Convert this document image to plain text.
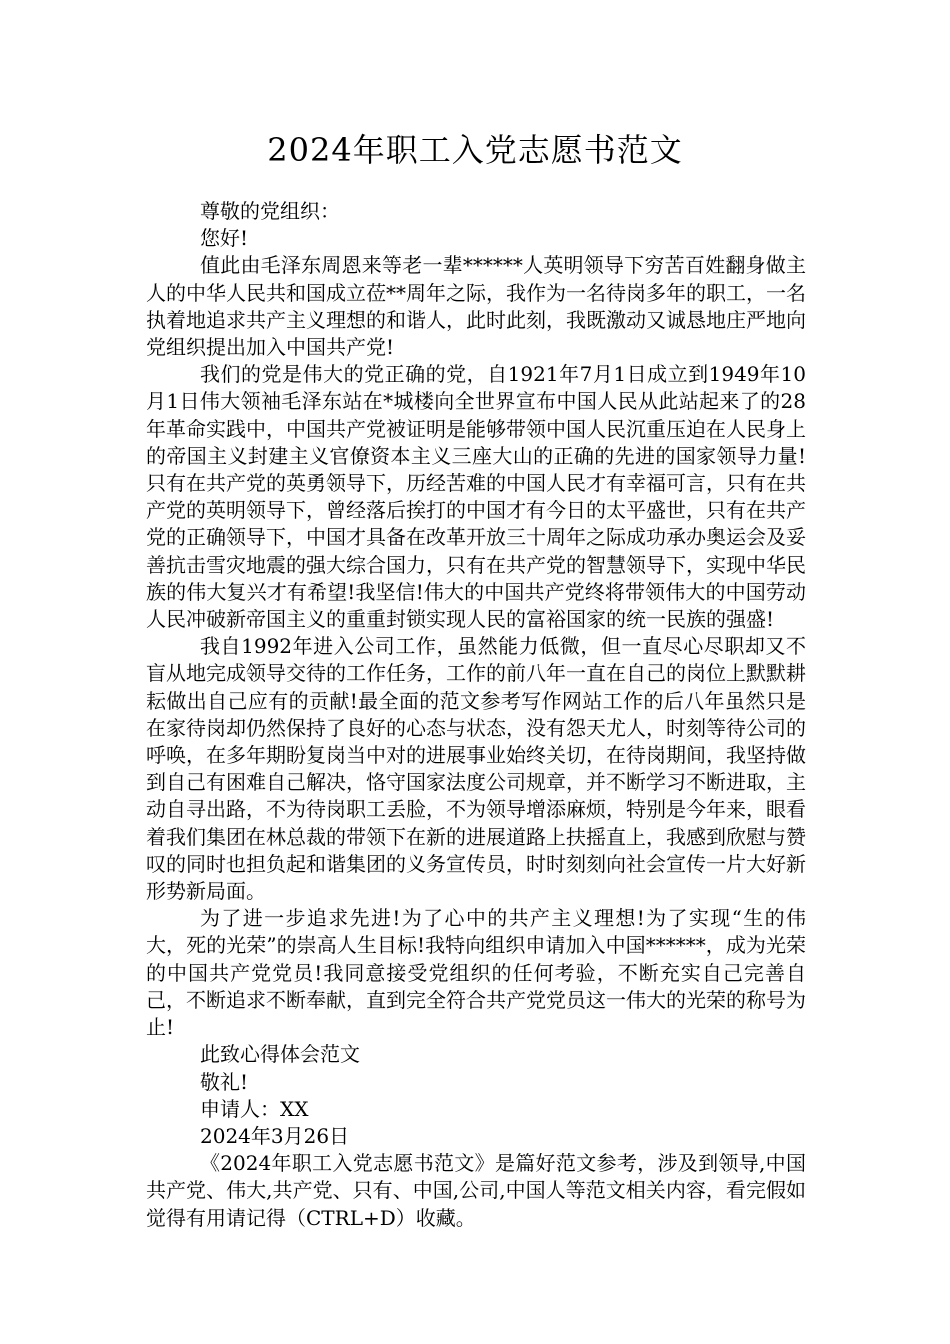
2024年职工入党志愿书范文

尊敬的党组织：

您好!

值此由毛泽东周恩来等老一辈******人英明领导下穷苦百姓翻身做主人的中华人民共和国成立莅**周年之际，我作为一名待岗多年的职工，一名执着地追求共产主义理想的和谐人，此时此刻，我既激动又诚恳地庄严地向党组织提出加入中国共产党!

我们的党是伟大的党正确的党，自1921年7月1日成立到1949年10月1日伟大领袖毛泽东站在*城楼向全世界宣布中国人民从此站起来了的28年革命实践中，中国共产党被证明是能够带领中国人民沉重压迫在人民身上的帝国主义封建主义官僚资本主义三座大山的正确的先进的国家领导力量!只有在共产党的英勇领导下，历经苦难的中国人民才有幸福可言，只有在共产党的英明领导下，曾经落后挨打的中国才有今日的太平盛世，只有在共产党的正确领导下，中国才具备在改革开放三十周年之际成功承办奥运会及妥善抗击雪灾地震的强大综合国力，只有在共产党的智慧领导下，实现中华民族的伟大复兴才有希望!我坚信!伟大的中国共产党终将带领伟大的中国劳动人民冲破新帝国主义的重重封锁实现人民的富裕国家的统一民族的强盛!

我自1992年进入公司工作，虽然能力低微，但一直尽心尽职却又不盲从地完成领导交待的工作任务，工作的前八年一直在自己的岗位上默默耕耘做出自己应有的贡献!最全面的范文参考写作网站工作的后八年虽然只是在家待岗却仍然保持了良好的心态与状态，没有怨天尤人，时刻等待公司的呼唤，在多年期盼复岗当中对的进展事业始终关切，在待岗期间，我坚持做到自己有困难自己解决，恪守国家法度公司规章，并不断学习不断进取，主动自寻出路，不为待岗职工丢脸，不为领导增添麻烦，特别是今年来，眼看着我们集团在林总裁的带领下在新的进展道路上扶摇直上，我感到欣慰与赞叹的同时也担负起和谐集团的义务宣传员，时时刻刻向社会宣传一片大好新形势新局面。

为了进一步追求先进!为了心中的共产主义理想!为了实现“生的伟大，死的光荣”的崇高人生目标!我特向组织申请加入中国******，成为光荣的中国共产党党员!我同意接受党组织的任何考验，不断充实自己完善自己，不断追求不断奉献，直到完全符合共产党党员这一伟大的光荣的称号为止!

此致心得体会范文

敬礼!

申请人：XX

2024年3月26日

《2024年职工入党志愿书范文》是篇好范文参考，涉及到领导,中国共产党、伟大,共产党、只有、中国,公司,中国人等范文相关内容，看完假如觉得有用请记得（CTRL+D）收藏。
